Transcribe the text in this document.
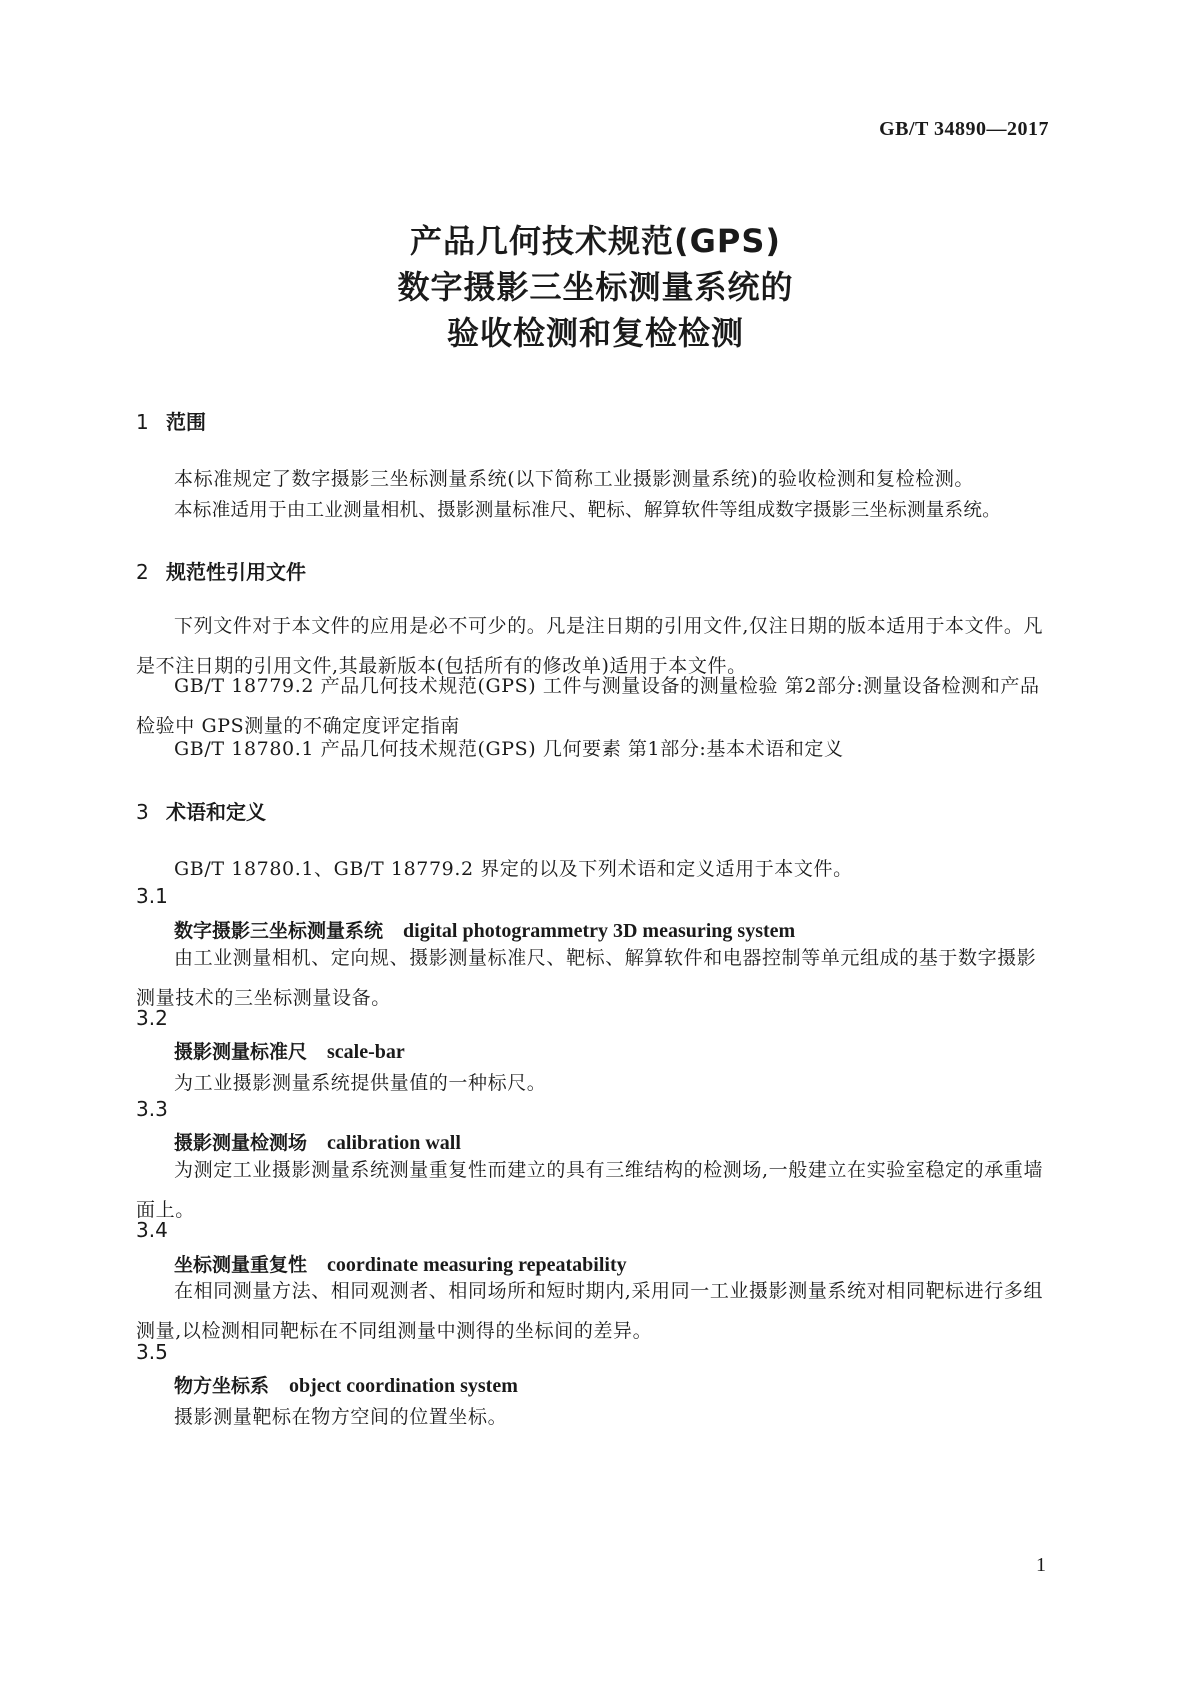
GB/T 34890—2017
产品几何技术规范(GPS)
数字摄影三坐标测量系统的
验收检测和复检检测
1 范围
本标准规定了数字摄影三坐标测量系统(以下简称工业摄影测量系统)的验收检测和复检检测。
本标准适用于由工业测量相机、摄影测量标准尺、靶标、解算软件等组成数字摄影三坐标测量系统。
2 规范性引用文件
下列文件对于本文件的应用是必不可少的。凡是注日期的引用文件,仅注日期的版本适用于本文件。凡是不注日期的引用文件,其最新版本(包括所有的修改单)适用于本文件。
GB/T 18779.2 产品几何技术规范(GPS) 工件与测量设备的测量检验 第2部分:测量设备检测和产品检验中 GPS测量的不确定度评定指南
GB/T 18780.1 产品几何技术规范(GPS) 几何要素 第1部分:基本术语和定义
3 术语和定义
GB/T 18780.1、GB/T 18779.2 界定的以及下列术语和定义适用于本文件。
3.1
数字摄影三坐标测量系统 digital photogrammetry 3D measuring system
由工业测量相机、定向规、摄影测量标准尺、靶标、解算软件和电器控制等单元组成的基于数字摄影测量技术的三坐标测量设备。
3.2
摄影测量标准尺 scale-bar
为工业摄影测量系统提供量值的一种标尺。
3.3
摄影测量检测场 calibration wall
为测定工业摄影测量系统测量重复性而建立的具有三维结构的检测场,一般建立在实验室稳定的承重墙面上。
3.4
坐标测量重复性 coordinate measuring repeatability
在相同测量方法、相同观测者、相同场所和短时期内,采用同一工业摄影测量系统对相同靶标进行多组测量,以检测相同靶标在不同组测量中测得的坐标间的差异。
3.5
物方坐标系 object coordination system
摄影测量靶标在物方空间的位置坐标。
1
